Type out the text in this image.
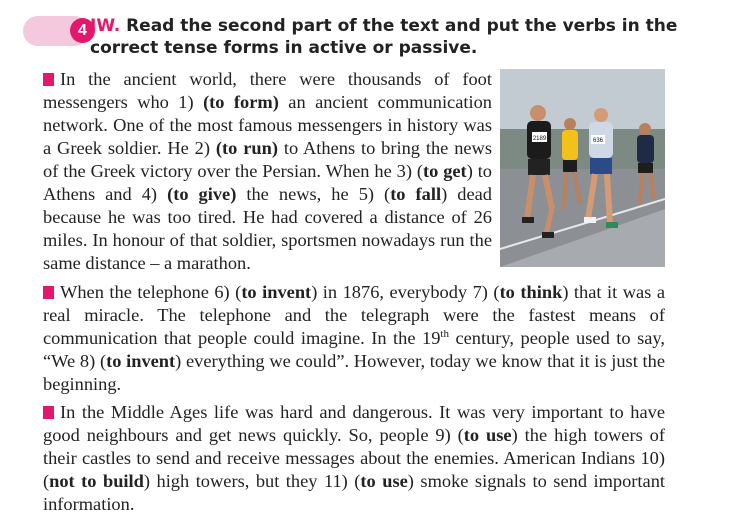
4 IW. Read the second part of the text and put the verbs in the correct tense forms in active or passive.
In the ancient world, there were thousands of foot messengers who 1) (to form) an ancient communication network. One of the most famous messengers in history was a Greek soldier. He 2) (to run) to Athens to bring the news of the Greek victory over the Persian. When he 3) (to get) to Athens and 4) (to give) the news, he 5) (to fall) dead because he was too tired. He had covered a distance of 26 miles. In honour of that soldier, sportsmen nowadays run the same distance – a marathon.
2189	636
When the telephone 6) (to invent) in 1876, everybody 7) (to think) that it was a real miracle. The telephone and the telegraph were the fastest means of communication that people could imagine. In the 19th century, people used to say, “We 8) (to invent) everything we could”. However, today we know that it is just the beginning.
In the Middle Ages life was hard and dangerous. It was very important to have good neighbours and get news quickly. So, people 9) (to use) the high towers of their castles to send and receive messages about the enemies. American Indians 10) (not to build) high towers, but they 11) (to use) smoke signals to send important information.
